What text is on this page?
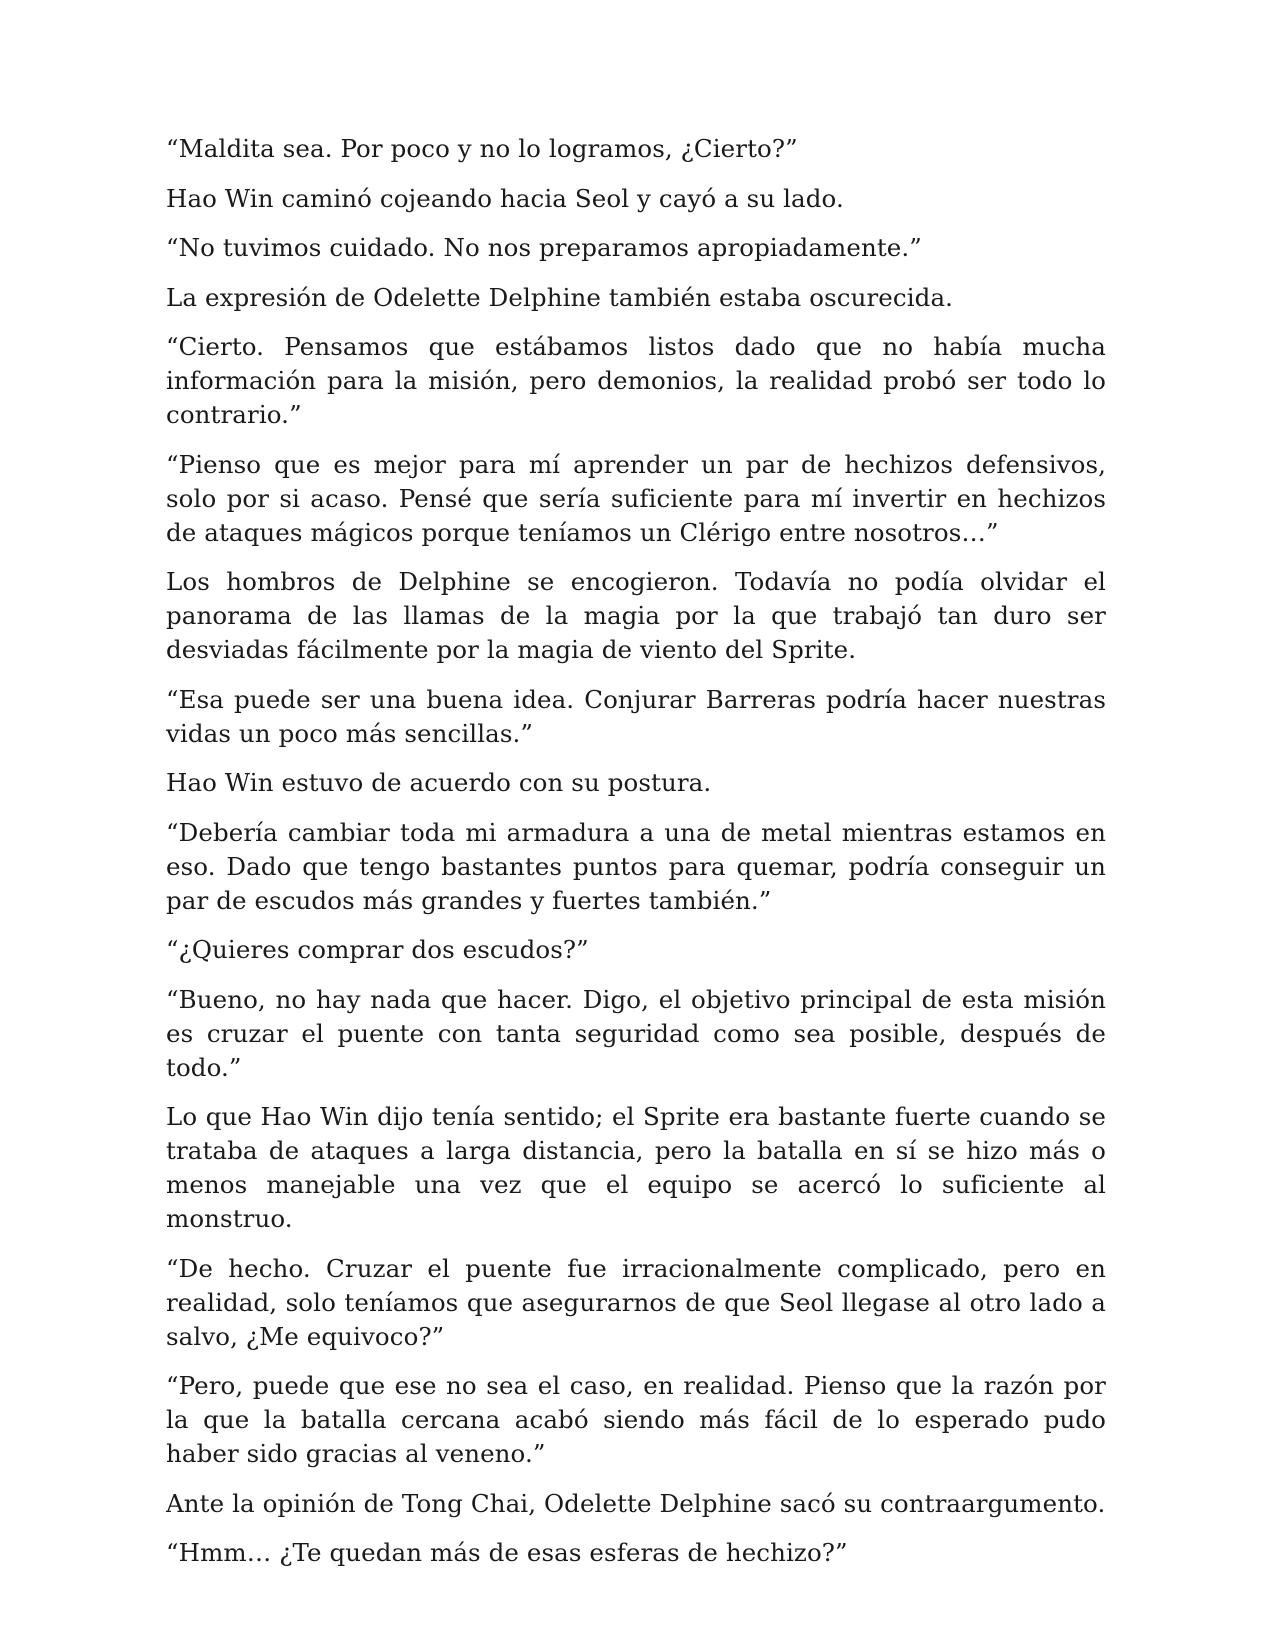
“Maldita sea. Por poco y no lo logramos, ¿Cierto?”

Hao Win caminó cojeando hacia Seol y cayó a su lado.

“No tuvimos cuidado. No nos preparamos apropiadamente.”

La expresión de Odelette Delphine también estaba oscurecida.

“Cierto. Pensamos que estábamos listos dado que no había mucha información para la misión, pero demonios, la realidad probó ser todo lo contrario.”

“Pienso que es mejor para mí aprender un par de hechizos defensivos, solo por si acaso. Pensé que sería suficiente para mí invertir en hechizos de ataques mágicos porque teníamos un Clérigo entre nosotros…”

Los hombros de Delphine se encogieron. Todavía no podía olvidar el panorama de las llamas de la magia por la que trabajó tan duro ser desviadas fácilmente por la magia de viento del Sprite.

“Esa puede ser una buena idea. Conjurar Barreras podría hacer nuestras vidas un poco más sencillas.”

Hao Win estuvo de acuerdo con su postura.

“Debería cambiar toda mi armadura a una de metal mientras estamos en eso. Dado que tengo bastantes puntos para quemar, podría conseguir un par de escudos más grandes y fuertes también.”

“¿Quieres comprar dos escudos?”

“Bueno, no hay nada que hacer. Digo, el objetivo principal de esta misión es cruzar el puente con tanta seguridad como sea posible, después de todo.”

Lo que Hao Win dijo tenía sentido; el Sprite era bastante fuerte cuando se trataba de ataques a larga distancia, pero la batalla en sí se hizo más o menos manejable una vez que el equipo se acercó lo suficiente al monstruo.

“De hecho. Cruzar el puente fue irracionalmente complicado, pero en realidad, solo teníamos que asegurarnos de que Seol llegase al otro lado a salvo, ¿Me equivoco?”

“Pero, puede que ese no sea el caso, en realidad. Pienso que la razón por la que la batalla cercana acabó siendo más fácil de lo esperado pudo haber sido gracias al veneno.”

Ante la opinión de Tong Chai, Odelette Delphine sacó su contraargumento.

“Hmm… ¿Te quedan más de esas esferas de hechizo?”
